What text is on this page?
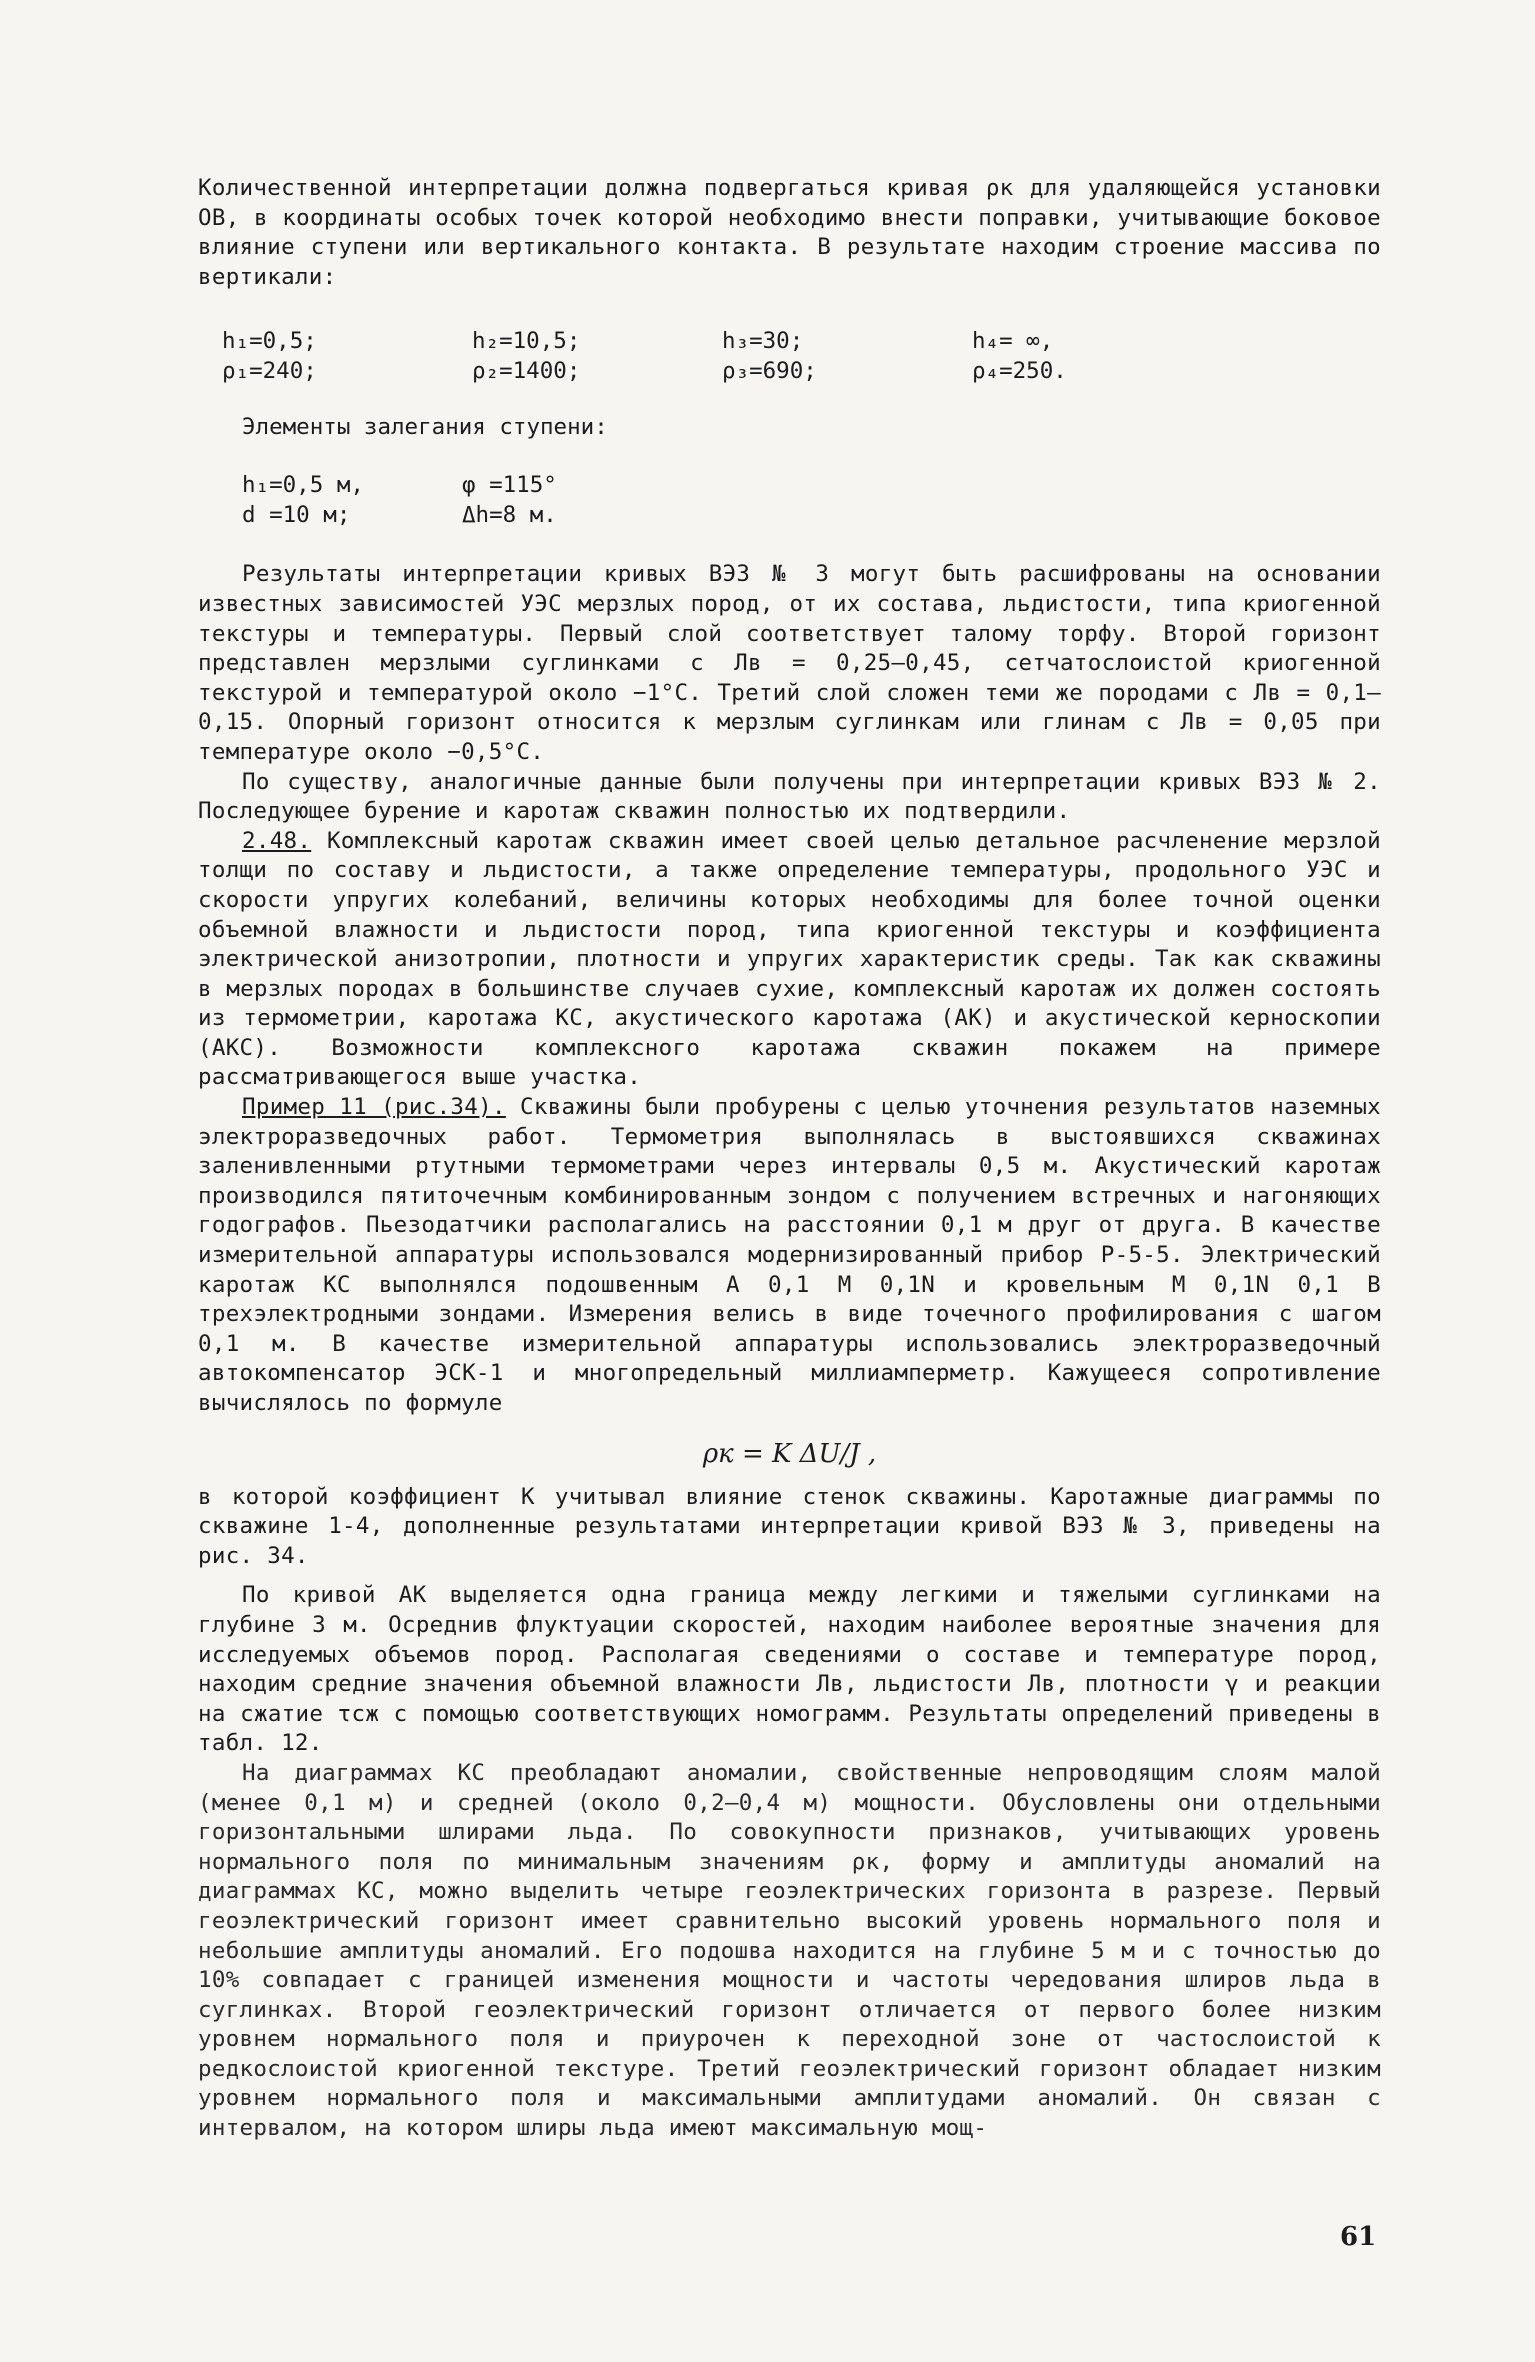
Количественной интерпретации должна подвергаться кривая ρк для удаляющейся установки ОВ, в координаты особых точек которой необходимо внести поправки, учитывающие боковое влияние ступени или вертикального контакта. В результате находим строение массива по вертикали:

h₁=0,5;	h₂=10,5;	h₃=30;	h₄= ∞,
ρ₁=240;	ρ₂=1400;	ρ₃=690;	ρ₄=250.
Элементы залегания ступени:
h₁=0,5 м,	φ =115°
d =10 м;	Δh=8 м.

Результаты интерпретации кривых ВЭЗ № 3 могут быть расшифрованы на основании известных зависимостей УЭС мерзлых пород, от их состава, льдистости, типа криогенной текстуры и температуры. Первый слой соответствует талому торфу. Второй горизонт представлен мерзлыми суглинками с Лв = 0,25–0,45, сетчатослоистой криогенной текстурой и температурой около −1°С. Третий слой сложен теми же породами с Лв = 0,1–0,15. Опорный горизонт относится к мерзлым суглинкам или глинам с Лв = 0,05 при температуре около −0,5°С.

По существу, аналогичные данные были получены при интерпретации кривых ВЭЗ № 2. Последующее бурение и каротаж скважин полностью их подтвердили.

2.48. Комплексный каротаж скважин имеет своей целью детальное расчленение мерзлой толщи по составу и льдистости, а также определение температуры, продольного УЭС и скорости упругих колебаний, величины которых необходимы для более точной оценки объемной влажности и льдистости пород, типа криогенной текстуры и коэффициента электрической анизотропии, плотности и упругих характеристик среды. Так как скважины в мерзлых породах в большинстве случаев сухие, комплексный каротаж их должен состоять из термометрии, каротажа КС, акустического каротажа (АК) и акустической керноскопии (АКС). Возможности комплексного каротажа скважин покажем на примере рассматривающегося выше участка.

Пример 11 (рис.34). Скважины были пробурены с целью уточнения результатов наземных электроразведочных работ. Термометрия выполнялась в выстоявшихся скважинах заленивленными ртутными термометрами через интервалы 0,5 м. Акустический каротаж производился пятиточечным комбинированным зондом с получением встречных и нагоняющих годографов. Пьезодатчики располагались на расстоянии 0,1 м друг от друга. В качестве измерительной аппаратуры использовался модернизированный прибор Р-5-5. Электрический каротаж КС выполнялся подошвенным А 0,1 М 0,1N и кровельным М 0,1N 0,1 В трехэлектродными зондами. Измерения велись в виде точечного профилирования с шагом 0,1 м. В качестве измерительной аппаратуры использовались электроразведочный автокомпенсатор ЭСК-1 и многопредельный миллиамперметр. Кажущееся сопротивление вычислялось по формуле

ρк = K ΔU/J ,

в которой коэффициент К учитывал влияние стенок скважины. Каротажные диаграммы по скважине 1-4, дополненные результатами интерпретации кривой ВЭЗ № 3, приведены на рис. 34.

По кривой АК выделяется одна граница между легкими и тяжелыми суглинками на глубине 3 м. Осреднив флуктуации скоростей, находим наиболее вероятные значения для исследуемых объемов пород. Располагая сведениями о составе и температуре пород, находим средние значения объемной влажности Лв, льдистости Лв, плотности γ и реакции на сжатие τсж с помощью соответствующих номограмм. Результаты определений приведены в табл. 12.

На диаграммах КС преобладают аномалии, свойственные непроводящим слоям малой (менее 0,1 м) и средней (около 0,2–0,4 м) мощности. Обусловлены они отдельными горизонтальными шлирами льда. По совокупности признаков, учитывающих уровень нормального поля по минимальным значениям ρк, форму и амплитуды аномалий на диаграммах КС, можно выделить четыре геоэлектрических горизонта в разрезе. Первый геоэлектрический горизонт имеет сравнительно высокий уровень нормального поля и небольшие амплитуды аномалий. Его подошва находится на глубине 5 м и с точностью до 10% совпадает с границей изменения мощности и частоты чередования шлиров льда в суглинках. Второй геоэлектрический горизонт отличается от первого более низким уровнем нормального поля и приурочен к переходной зоне от частослоистой к редкослоистой криогенной текстуре. Третий геоэлектрический горизонт обладает низким уровнем нормального поля и максимальными амплитудами аномалий. Он связан с интервалом, на котором шлиры льда имеют максимальную мощ-

61
